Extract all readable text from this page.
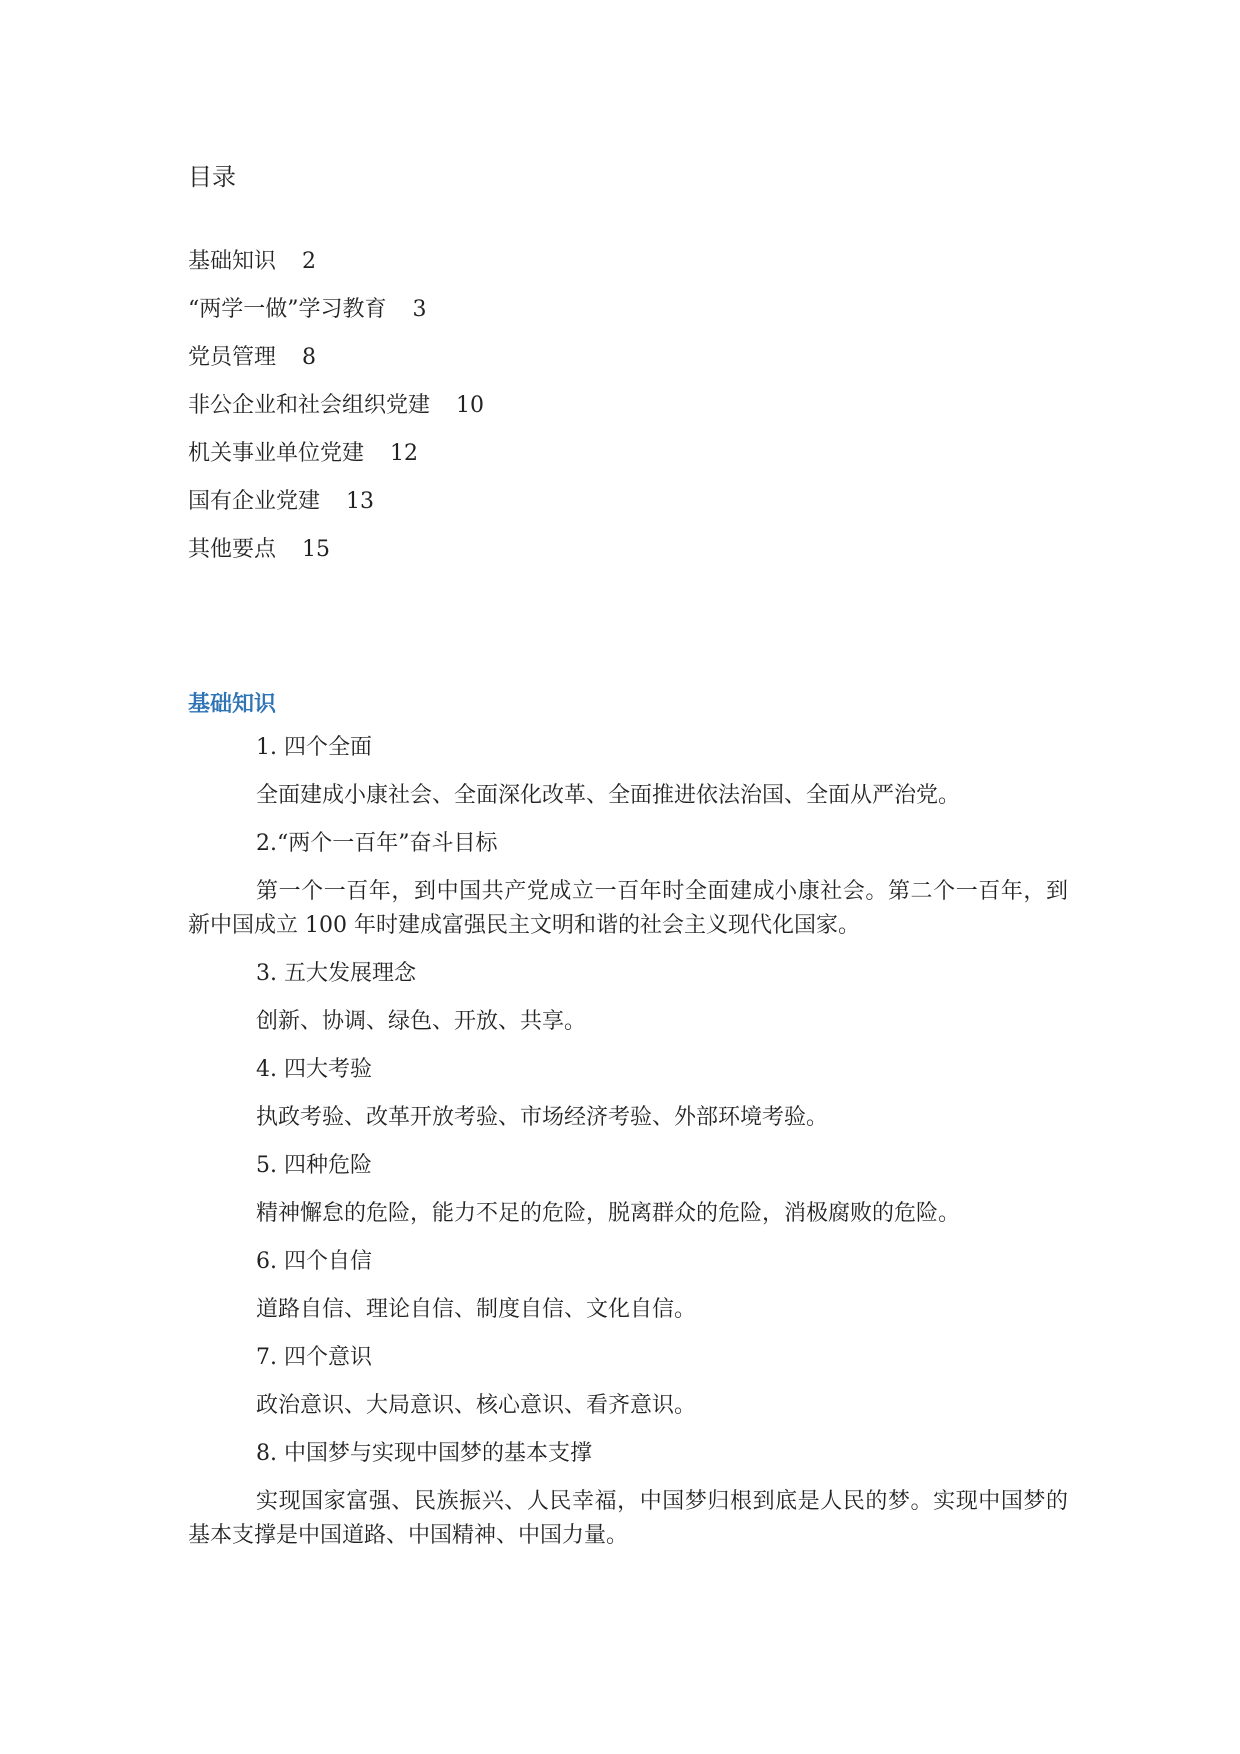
目录
基础知识 2
“两学一做”学习教育 3
党员管理 8
非公企业和社会组织党建 10
机关事业单位党建 12
国有企业党建 13
其他要点 15
基础知识

1. 四个全面

全面建成小康社会、全面深化改革、全面推进依法治国、全面从严治党。

2.“两个一百年”奋斗目标

第一个一百年，到中国共产党成立一百年时全面建成小康社会。第二个一百年，到新中国成立 100 年时建成富强民主文明和谐的社会主义现代化国家。

3. 五大发展理念

创新、协调、绿色、开放、共享。

4. 四大考验

执政考验、改革开放考验、市场经济考验、外部环境考验。

5. 四种危险

精神懈怠的危险，能力不足的危险，脱离群众的危险，消极腐败的危险。

6. 四个自信

道路自信、理论自信、制度自信、文化自信。

7. 四个意识

政治意识、大局意识、核心意识、看齐意识。

8. 中国梦与实现中国梦的基本支撑

实现国家富强、民族振兴、人民幸福，中国梦归根到底是人民的梦。实现中国梦的基本支撑是中国道路、中国精神、中国力量。
